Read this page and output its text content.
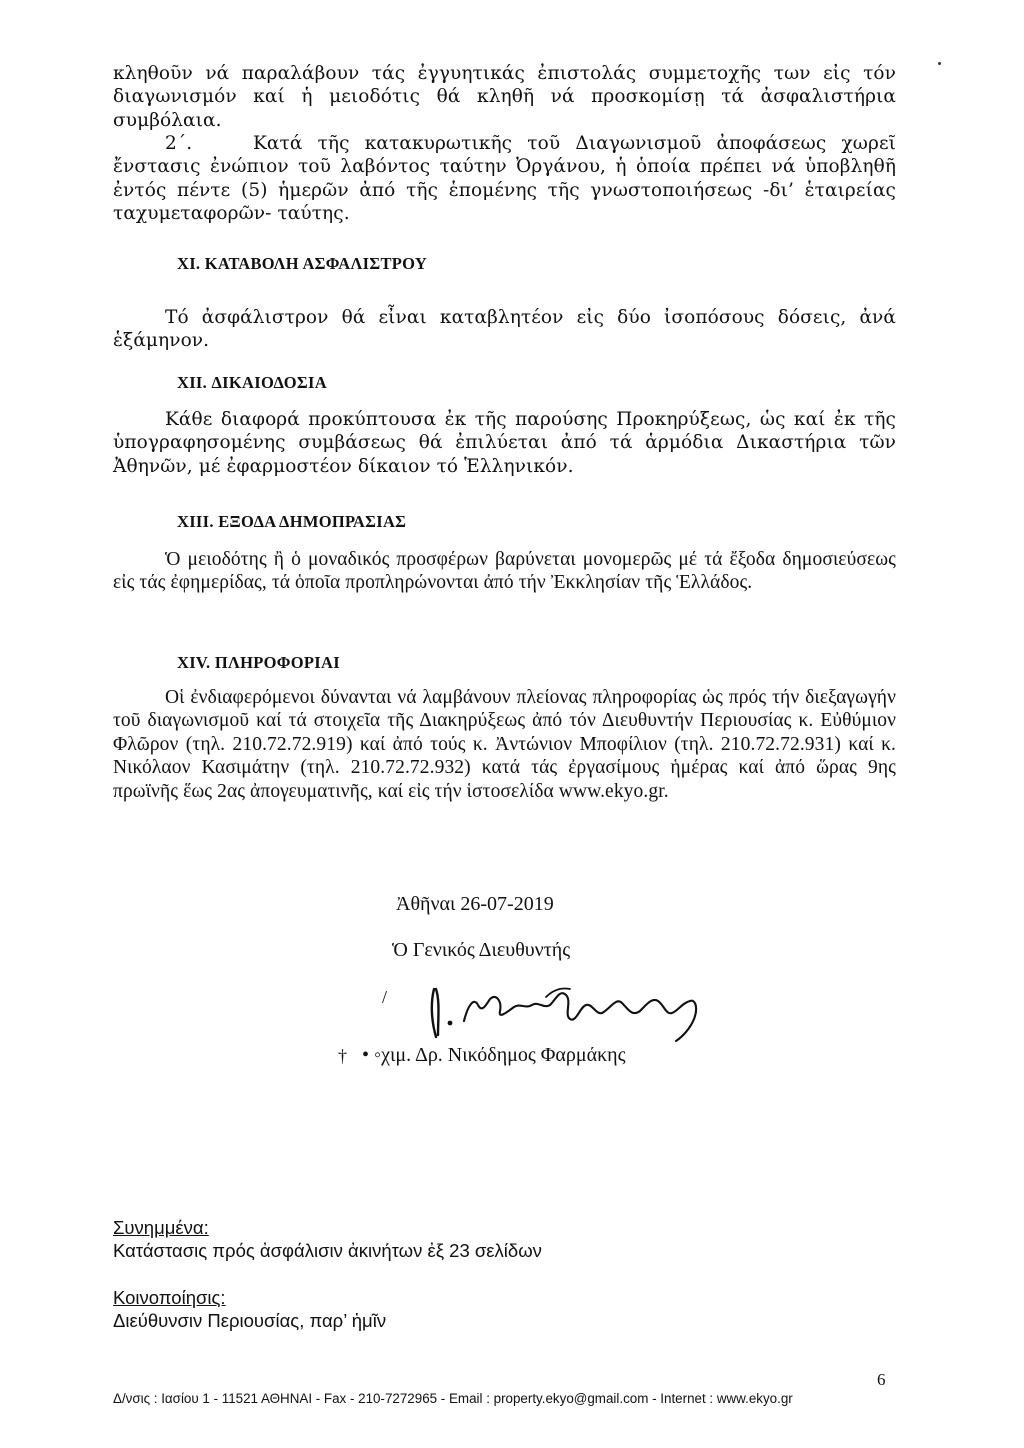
κληθοῦν νά παραλάβουν τάς ἐγγυητικάς ἐπιστολάς συμμετοχῆς των εἰς τόν διαγωνισμόν καί ἡ μειοδότις θά κληθῆ νά προσκομίσῃ τά ἀσφαλιστήρια συμβόλαια.
2΄.	Κατά τῆς κατακυρωτικῆς τοῦ Διαγωνισμοῦ ἀποφάσεως χωρεῖ ἔνστασις ἐνώπιον τοῦ λαβόντος ταύτην Ὀργάνου, ἡ ὁποία πρέπει νά ὑποβληθῆ ἐντός πέντε (5) ἡμερῶν ἀπό τῆς ἑπομένης τῆς γνωστοποιήσεως -δι’ ἑταιρείας ταχυμεταφορῶν- ταύτης.
XI. ΚΑΤΑΒΟΛΗ ΑΣΦΑΛΙΣΤΡΟΥ
Τό ἀσφάλιστρον θά εἶναι καταβλητέον εἰς δύο ἰσοπόσους δόσεις, ἀνά ἑξάμηνον.
XII. ΔΙΚΑΙΟΔΟΣΙΑ
Κάθε διαφορά προκύπτουσα ἐκ τῆς παρούσης Προκηρύξεως, ὡς καί ἐκ τῆς ὑπογραφησομένης συμβάσεως θά ἐπιλύεται ἀπό τά ἁρμόδια Δικαστήρια τῶν Ἀθηνῶν, μέ ἐφαρμοστέον δίκαιον τό Ἑλληνικόν.
XIII. ΕΞΟΔΑ ΔΗΜΟΠΡΑΣΙΑΣ
Ὁ μειοδότης ἢ ὁ μοναδικός προσφέρων βαρύνεται μονομερῶς μέ τά ἔξοδα δημοσιεύσεως εἰς τάς ἐφημερίδας, τά ὁποῖα προπληρώνονται ἀπό τήν Ἐκκλησίαν τῆς Ἑλλάδος.
XIV. ΠΛΗΡΟΦΟΡΙΑΙ
Οἱ ἐνδιαφερόμενοι δύνανται νά λαμβάνουν πλείονας πληροφορίας ὡς πρός τήν διεξαγωγήν τοῦ διαγωνισμοῦ καί τά στοιχεῖα τῆς Διακηρύξεως ἀπό τόν Διευθυντήν Περιουσίας κ. Εὐθύμιον Φλῶρον (τηλ. 210.72.72.919) καί ἀπό τούς κ. Ἀντώνιον Μποφίλιον (τηλ. 210.72.72.931) καί κ. Νικόλαον Κασιμάτην (τηλ. 210.72.72.932) κατά τάς ἐργασίμους ἡμέρας καί ἀπό ὥρας 9ης πρωϊνῆς ἕως 2ας ἀπογευματινῆς, καί εἰς τήν ἱστοσελίδα www.ekyo.gr.
Ἀθῆναι 26-07-2019
Ὁ Γενικός Διευθυντής
/
† • ◦χιμ. Δρ. Νικόδημος Φαρμάκης
Συνημμένα:
Κατάστασις πρός ἀσφάλισιν ἀκινήτων ἐξ 23 σελίδων
Κοινοποίησις:
Διεύθυνσιν Περιουσίας, παρ’ ἡμῖν
6
Δ/νσις : Ιασίου 1 - 11521 ΑΘΗΝΑΙ - Fax - 210-7272965 - Email : property.ekyo@gmail.com - Internet : www.ekyo.gr
